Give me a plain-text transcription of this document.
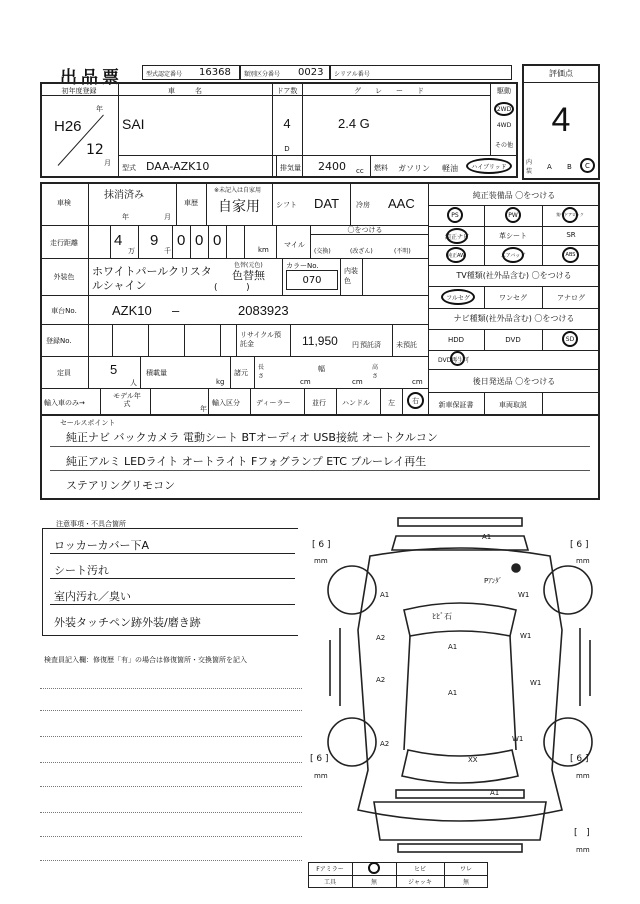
出品票	型式認定番号 16368 類別区分番号 0023 シリアル番号	評価点
4
初年度登録
年
H26
12
月
車名
SAI
ドア数
4
D
グレード
2.4 G
駆動
2WD
4WD
その他
型式 DAA-AZK10	排気量 2400 cc 燃料 ガソリン 軽油	ハイブリッド
内装
A B	C
車検
抹消済み
年	月
車歴
※未記入は自家用
自家用 シフト DAT 冷房 AAC
走行距離	4
万
9
千
0 0 0
km
〇をつける
マイル
(交換)	(改ざん)	(不明)
外装色	ホワイトパールクリスタルシャイン
色替(元色)
色替無
(          )
カラーNo.
070
内装色
車台No.	AZK10 –	2083923
登録No.
リサイクル預託金	11,950 円 預託済 未預託
定員	5
人
積載量
kg
諸元
長さ
cm
幅
cm
高さ
cm
輸入車のみ→
モデル年式
年
輸入区分 ディーラー	並行 ハンドル	左	右
純正装備品 〇をつける
PS	PW	集中ドアロック
純正ナビ	革シート	SR
純正AW	エアバッグ	ABS
TV種類(社外品含む) 〇をつける
フルセグ	ワンセグ	アナログ
ナビ種類(社外品含む) 〇をつける
HDD	DVD	SD
DVD再生可
後日発送品 〇をつける
新車保証書	車両取説
セールスポイント
純正ナビ バックカメラ 電動シート BTオーディオ USB接続 オートクルコン
純正アルミ LEDライト オートライト Fフォグランプ ETC ブルーレイ再生
ステアリングリモコン
注意事項・不具合箇所
ロッカーカバー下A
シート汚れ
室内汚れ／臭い
外装タッチペン跡外装/磨き跡
検査員記入欄：修復歴「有」の場合は修復箇所・交換箇所を記入
A1
A1	W1
ﾋﾋﾞ石
A1
A2	W1
A2	W1
A1
W1
A2
XX
A1
Pｱﾝﾀﾞ
[ 6 ]
mm
[ 6 ]
mm
[ 6 ]
mm
[ 6 ]
mm
[   ]
mm
Fアミラー	ヒビ	ワレ
工具	無	ジャッキ	無
